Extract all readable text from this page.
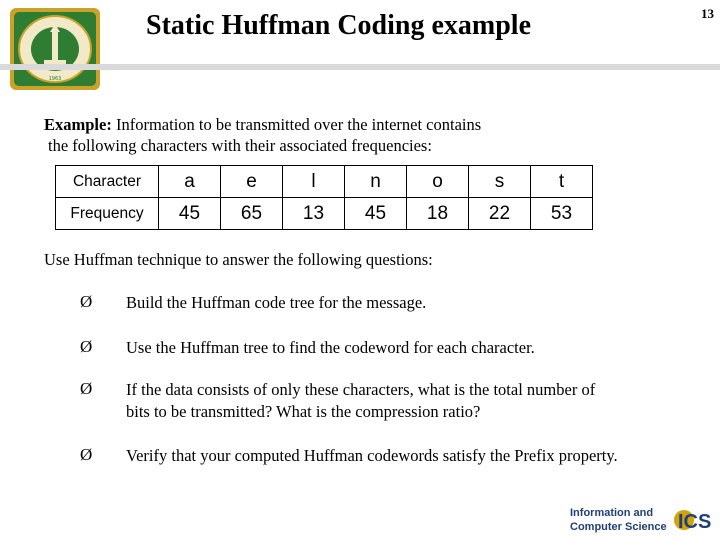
1963
Static Huffman Coding example	13
Example: Information to be transmitted over the internet contains
the following characters with their associated frequencies:
Character	a	e	l	n	o	s	t
Frequency	45	65	13	45	18	22	53
Use Huffman technique to answer the following questions:
Ø Build the Huffman code tree for the message.
Ø Use the Huffman tree to find the codeword for each character.
Ø If the data consists of only these characters, what is the total number of
bits to be transmitted? What is the compression ratio?
Ø Verify that your computed Huffman codewords satisfy the Prefix property.
Information and
Computer Science ICS
